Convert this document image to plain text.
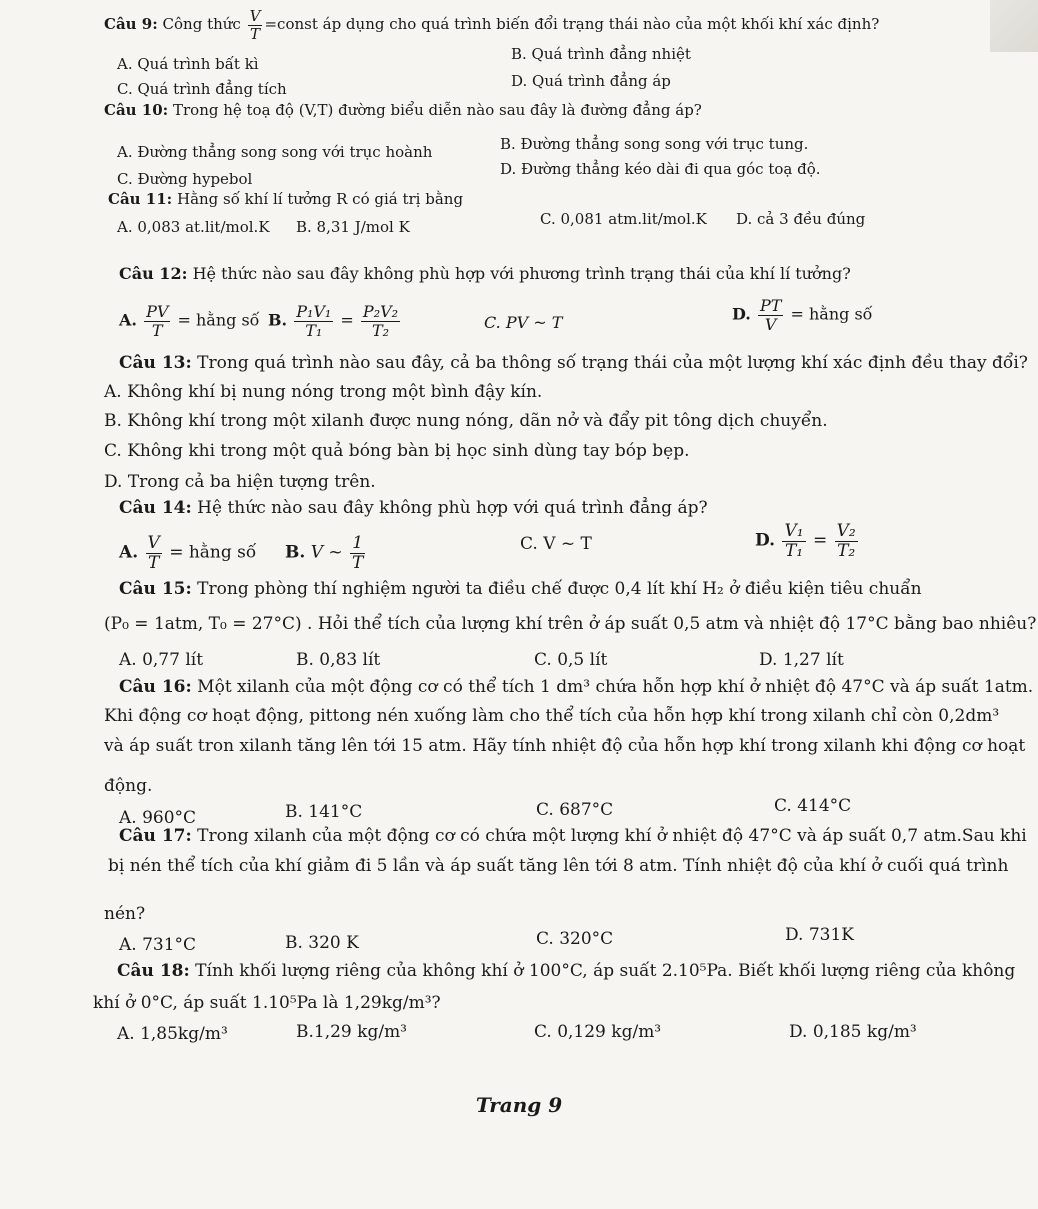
Câu 9: Công thức $\frac{V}{T}$ =const áp dụng cho quá trình biến đổi trạng thái nào của một khối khí xác định?
A. Quá trình bất kì
B. Quá trình đẳng nhiệt
C. Quá trình đẳng tích	D. Quá trình đẳng áp
Câu 10: Trong hệ toạ độ (V,T) đường biểu diễn nào sau đây là đường đẳng áp?
A. Đường thẳng song song với trục hoành	B. Đường thẳng song song với trục tung.
C. Đường hypebol
D. Đường thẳng kéo dài đi qua góc toạ độ.
Câu 11: Hằng số khí lí tưởng R có giá trị bằng
A. 0,083 at.lit/mol.K B. 8,31 J/mol K	C. 0,081 atm.lit/mol.K D. cả 3 đều đúng
Câu 12: Hệ thức nào sau đây không phù hợp với phương trình trạng thái của khí lí tưởng?
A. $\frac{PV}{T}$ = hằng số B. $\frac{\text{P₁V₁}}{\text{T₁}} = \frac{\text{P₂V₂}}{\text{T₂}}$	C. PV ~ T	D. $\frac{PT}{V}$ = hằng số
Câu 13: Trong quá trình nào sau đây, cả ba thông số trạng thái của một lượng khí xác định đều thay đổi?
A. Không khí bị nung nóng trong một bình đậy kín.
B. Không khí trong một xilanh được nung nóng, dãn nở và đẩy pit tông dịch chuyển.
C. Không khi trong một quả bóng bàn bị học sinh dùng tay bóp bẹp.
D. Trong cả ba hiện tượng trên.
Câu 14: Hệ thức nào sau đây không phù hợp với quá trình đẳng áp?
A. $\frac{V}{T}$ = hằng số B. V ~ $\frac{1}{T}$	C. V ~ T	D. $\frac{\text{V₁}}{\text{T₁}} = \frac{\text{V₂}}{\text{T₂}}$
Câu 15: Trong phòng thí nghiệm người ta điều chế được 0,4 lít khí H₂ ở điều kiện tiêu chuẩn
(P₀ = 1atm, T₀ = 27°C) . Hỏi thể tích của lượng khí trên ở áp suất 0,5 atm và nhiệt độ 17°C bằng bao nhiêu?
A. 0,77 lít	B. 0,83 lít	C. 0,5 lít	D. 1,27 lít
Câu 16: Một xilanh của một động cơ có thể tích 1 dm³ chứa hỗn hợp khí ở nhiệt độ 47°C và áp suất 1atm.
Khi động cơ hoạt động, pittong nén xuống làm cho thể tích của hỗn hợp khí trong xilanh chỉ còn 0,2dm³
và áp suất tron xilanh tăng lên tới 15 atm. Hãy tính nhiệt độ của hỗn hợp khí trong xilanh khi động cơ hoạt
động.
A. 960°C	B. 141°C	C. 687°C	C. 414°C
Câu 17: Trong xilanh của một động cơ có chứa một lượng khí ở nhiệt độ 47°C và áp suất 0,7 atm.Sau khi
bị nén thể tích của khí giảm đi 5 lần và áp suất tăng lên tới 8 atm. Tính nhiệt độ của khí ở cuối quá trình
nén?
A. 731°C	B. 320 K	C. 320°C	D. 731K
Câu 18: Tính khối lượng riêng của không khí ở 100°C, áp suất 2.10⁵Pa. Biết khối lượng riêng của không
khí ở 0°C, áp suất 1.10⁵Pa là 1,29kg/m³?
A. 1,85kg/m³	B.1,29 kg/m³	C. 0,129 kg/m³	D. 0,185 kg/m³
Trang 9
